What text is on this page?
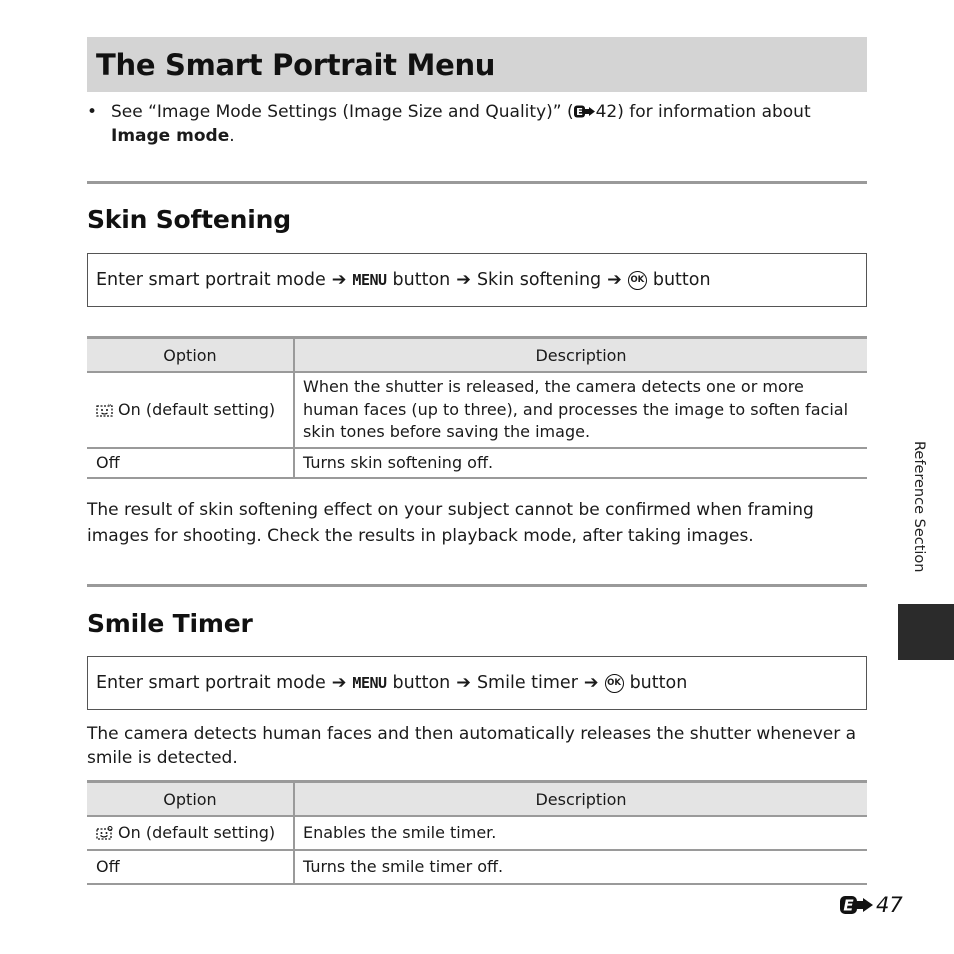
The Smart Portrait Menu
• See “Image Mode Settings (Image Size and Quality)” ( E 42) for information about Image mode.
Skin Softening
Enter smart portrait mode ➔ MENU button ➔ Skin softening ➔	OK button
Option	Description
On (default setting)	When the shutter is released, the camera detects one or more human faces (up to three), and processes the image to soften facial skin tones before saving the image.
Off	Turns skin softening off.
The result of skin softening effect on your subject cannot be confirmed when framing images for shooting. Check the results in playback mode, after taking images.
Smile Timer
Enter smart portrait mode ➔ MENU button ➔ Smile timer ➔	OK button
The camera detects human faces and then automatically releases the shutter whenever a smile is detected.
Option	Description
On (default setting)	Enables the smile timer.
Off	Turns the smile timer off.
Reference Section
E 47
